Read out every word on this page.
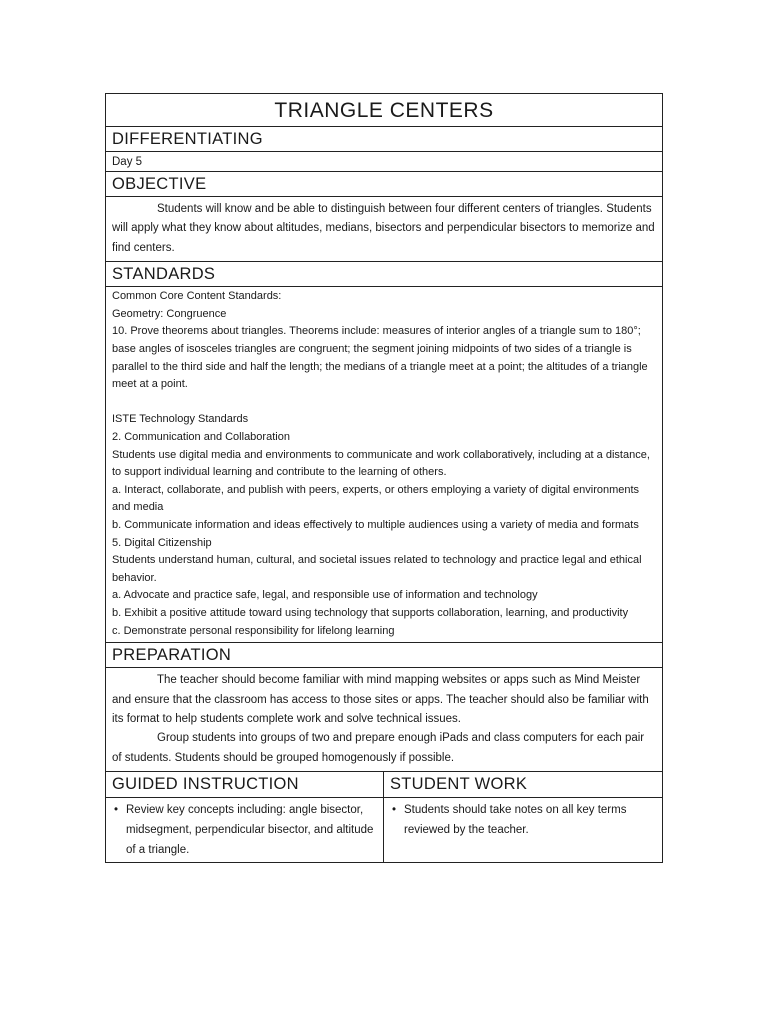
TRIANGLE CENTERS
DIFFERENTIATING
Day 5
OBJECTIVE

Students will know and be able to distinguish between four different centers of triangles. Students will apply what they know about altitudes, medians, bisectors and perpendicular bisectors to memorize and find centers.

STANDARDS
Common Core Content Standards:
Geometry: Congruence
10. Prove theorems about triangles. Theorems include: measures of interior angles of a triangle sum to 180°; base angles of isosceles triangles are congruent; the segment joining midpoints of two sides of a triangle is parallel to the third side and half the length; the medians of a triangle meet at a point; the altitudes of a triangle meet at a point.
ISTE Technology Standards
2. Communication and Collaboration
Students use digital media and environments to communicate and work collaboratively, including at a distance, to support individual learning and contribute to the learning of others.
a. Interact, collaborate, and publish with peers, experts, or others employing a variety of digital environments and media
b. Communicate information and ideas effectively to multiple audiences using a variety of media and formats
5. Digital Citizenship
Students understand human, cultural, and societal issues related to technology and practice legal and ethical behavior.
a. Advocate and practice safe, legal, and responsible use of information and technology
b. Exhibit a positive attitude toward using technology that supports collaboration, learning, and productivity
c. Demonstrate personal responsibility for lifelong learning
PREPARATION

The teacher should become familiar with mind mapping websites or apps such as Mind Meister and ensure that the classroom has access to those sites or apps. The teacher should also be familiar with its format to help students complete work and solve technical issues.

Group students into groups of two and prepare enough iPads and class computers for each pair of students. Students should be grouped homogenously if possible.

GUIDED INSTRUCTION	STUDENT WORK
• Review key concepts including: angle bisector, midsegment, perpendicular bisector, and altitude of a triangle.
• Students should take notes on all key terms reviewed by the teacher.
